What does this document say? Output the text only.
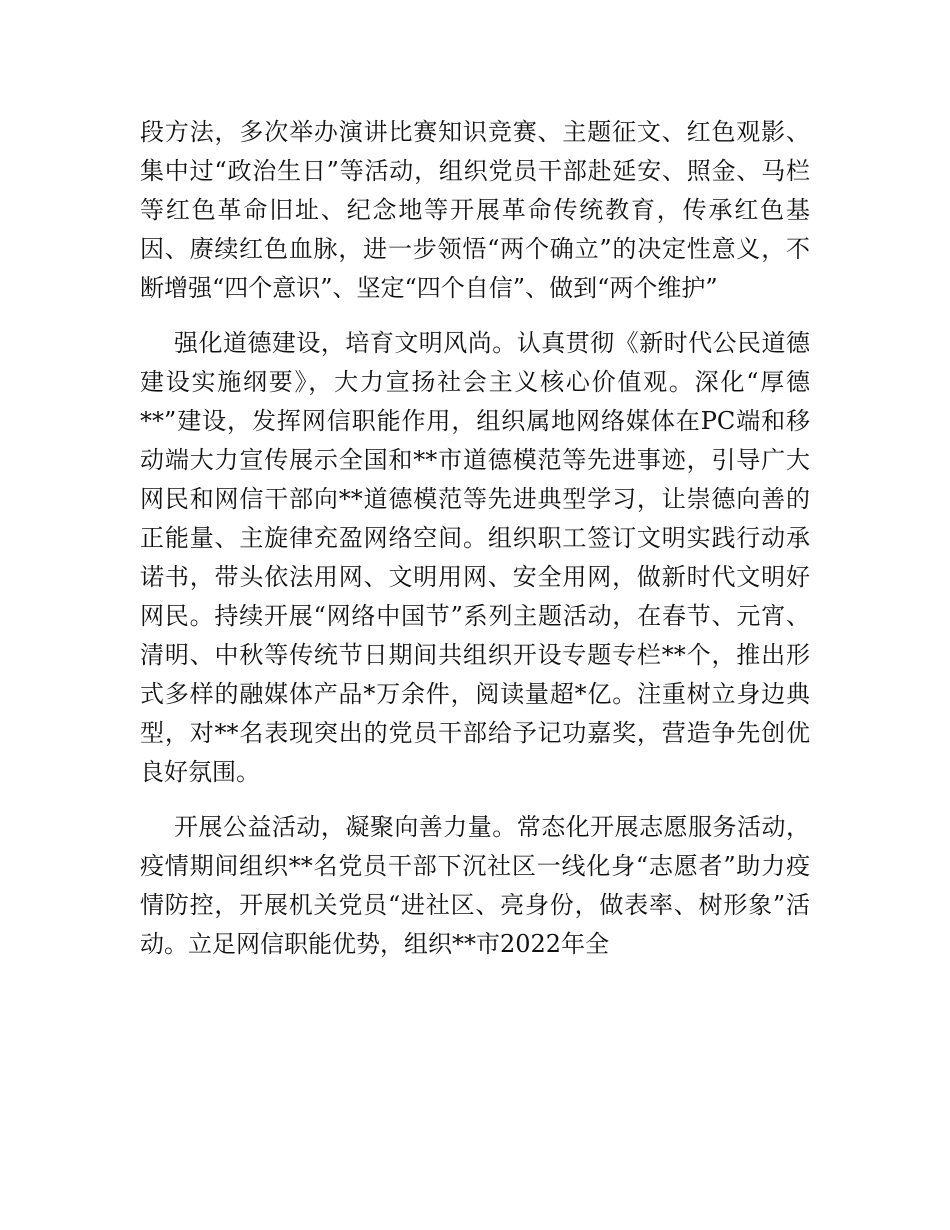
段方法，多次举办演讲比赛知识竞赛、主题征文、红色观影、集中过“政治生日”等活动，组织党员干部赴延安、照金、马栏等红色革命旧址、纪念地等开展革命传统教育，传承红色基因、赓续红色血脉，进一步领悟“两个确立”的决定性意义，不断增强“四个意识”、坚定“四个自信”、做到“两个维护”

强化道德建设，培育文明风尚。认真贯彻《新时代公民道德建设实施纲要》，大力宣扬社会主义核心价值观。深化“厚德**”建设，发挥网信职能作用，组织属地网络媒体在PC端和移动端大力宣传展示全国和**市道德模范等先进事迹，引导广大网民和网信干部向**道德模范等先进典型学习，让崇德向善的正能量、主旋律充盈网络空间。组织职工签订文明实践行动承诺书，带头依法用网、文明用网、安全用网，做新时代文明好网民。持续开展“网络中国节”系列主题活动，在春节、元宵、清明、中秋等传统节日期间共组织开设专题专栏**个，推出形式多样的融媒体产品*万余件，阅读量超*亿。注重树立身边典型，对**名表现突出的党员干部给予记功嘉奖，营造争先创优良好氛围。

开展公益活动，凝聚向善力量。常态化开展志愿服务活动，疫情期间组织**名党员干部下沉社区一线化身“志愿者”助力疫情防控，开展机关党员“进社区、亮身份，做表率、树形象”活动。立足网信职能优势，组织**市2022年全
